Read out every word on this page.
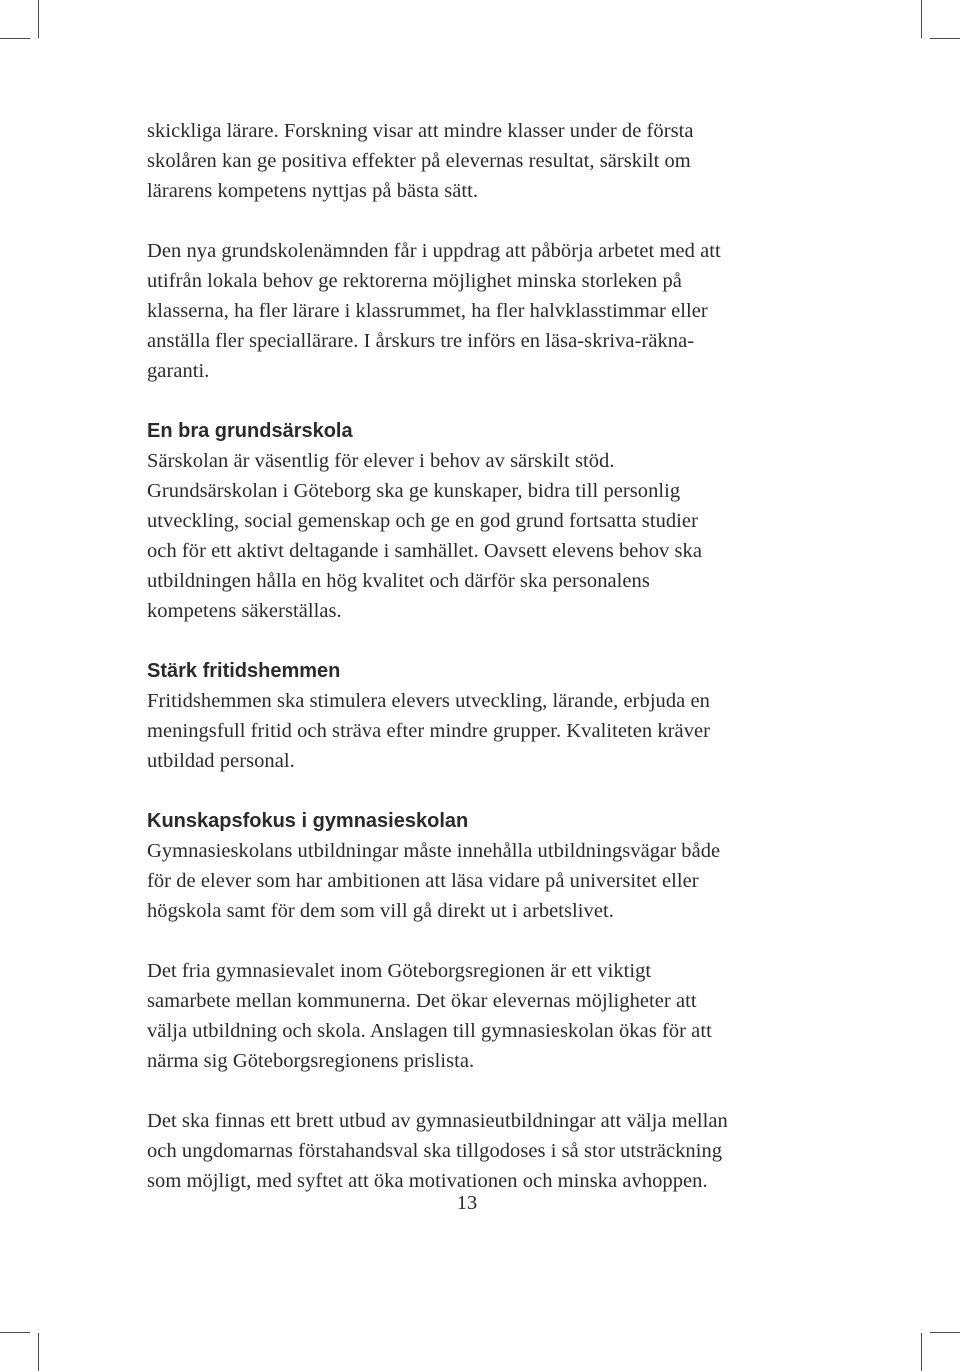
skickliga lärare. Forskning visar att mindre klasser under de första
skolåren kan ge positiva effekter på elevernas resultat, särskilt om
lärarens kompetens nyttjas på bästa sätt.

Den nya grundskolenämnden får i uppdrag att påbörja arbetet med att
utifrån lokala behov ge rektorerna möjlighet minska storleken på
klasserna, ha fler lärare i klassrummet, ha fler halvklasstimmar eller
anställa fler speciallärare. I årskurs tre införs en läsa-skriva-räkna-
garanti.

En bra grundsärskola

Särskolan är väsentlig för elever i behov av särskilt stöd.
Grundsärskolan i Göteborg ska ge kunskaper, bidra till personlig
utveckling, social gemenskap och ge en god grund fortsatta studier
och för ett aktivt deltagande i samhället. Oavsett elevens behov ska
utbildningen hålla en hög kvalitet och därför ska personalens
kompetens säkerställas.

Stärk fritidshemmen

Fritidshemmen ska stimulera elevers utveckling, lärande, erbjuda en
meningsfull fritid och sträva efter mindre grupper. Kvaliteten kräver
utbildad personal.

Kunskapsfokus i gymnasieskolan

Gymnasieskolans utbildningar måste innehålla utbildningsvägar både
för de elever som har ambitionen att läsa vidare på universitet eller
högskola samt för dem som vill gå direkt ut i arbetslivet.

Det fria gymnasievalet inom Göteborgsregionen är ett viktigt
samarbete mellan kommunerna. Det ökar elevernas möjligheter att
välja utbildning och skola. Anslagen till gymnasieskolan ökas för att
närma sig Göteborgsregionens prislista.

Det ska finnas ett brett utbud av gymnasieutbildningar att välja mellan
och ungdomarnas förstahandsval ska tillgodoses i så stor utsträckning
som möjligt, med syftet att öka motivationen och minska avhoppen.

13
